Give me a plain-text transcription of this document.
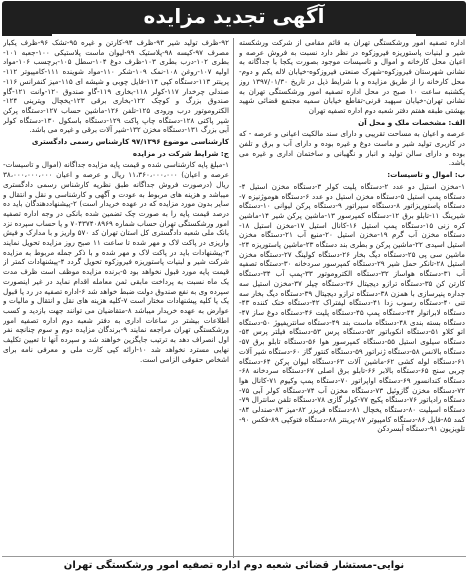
آگهی تجدید مزایده

اداره تصفیه امور ورشکستگی تهران به قائم مقامی از شرکت ورشکسته شیر و لبنیات پاستوریزه فیروزکوه در نظر دارد نسبت به فروش عرصه و اعیان محل کارخانه و اموال و تاسیسات موجود بصورت یکجا با جداگانه به نشانی شهرستان فیروزکوه-شهرک صنعتی فیروزکوه-خیابان لاله یکم و دوم-محل کارخانه را از طریق مزایده و با شرایط ذیل در تاریخ ۱۳۹۷/۰۱/۳۰ روز یکشنبه ساعت ۱۰ صبح در محل اداره تصفیه امور ورشکستگی تهران به نشانی تهران-خیابان سپهبد قرنی-تقاطع خیابان سمیه مجتمع قضائی شهید بهشتی طبقه هفتم دفتر شعبه دوم اداره تصفیه تهران

الف: مشخصات ملک و محل آن

عرصه و اعیان به مساحت تقریبی و دارای سند مالکیت اعیانی و عرصه - که در کاربری تولید شیر و ماست دوغ و غیره بوده و دارای آب و برق و تلفن بوده و دارای سالن تولید و انبار و نگهبانی و ساختمان اداری و غیره می باشد.

ب: اموال و تاسیسات:

۱-مخزن استیل دو عدد ۲-دستگاه پلیت کولر ۳-دستگاه مخزن استیل ۴-دستگاه پمپ استیل ۵-دستگاه مخزن استیل دو عدد ۶-دستگاه هوموژنیزه ۷-دستگاه پاستوریزاتور ۸-دستگاه سپراتور ۹-دستگاه پرکن لیوانی ۱۰-دستگاه شیرینگ ۱۱-تابلو برق ۱۲-دستگاه کمپرسور ۱۳-ماشین پرکن شیر ۱۴-ماشین کره زنی ۱۵-دستگاه پمپ استیل ۱۶-کانال استیل ۱۷-مخزن استیل ۱۸-دستگاه مخزن آب گرم ۱۹-مخزن استیل ۲۰-منبع آب ۲۱-دستگاه مخزن استیل اسیدی ۲۲-ماشین پرکن و بطری بند دستگاه ۲۳-ماشین پاستوریزه ۲۴-ماشین سی پی ۲۵-دستگاه دیگ بخار ۲۶-دستگاه کولینگ ۲۷-دستگاه مخزن استیل ۲۸-تانکر حمل شیر ۲۹-دستگاه کمپرسور سردخانه ۳۰-دستگاه تصفیه آب ۳۱-دستگاه هواساز ۳۲-دستگاه الکتروموتور ۳۳-پمپ آب ۳۴-دستگاه کارتن کن ۳۵-دستگاه ترازو دیجیتال ۳۶-دستگاه چیلر ۳۷-مخزن استیل سه جداره پنیرسازی با همزن ۳۸-دستگاه ترازو دیجیتال ۳۹-دستگاه دیگ بخار سه تنی ۴۰-دستگاه رسوب زدا ۴۱-دستگاه لیفتراک ۴۲-دستگاه خنک کننده ۴۳-دستگاه لابراتوار ۴۴-دستگاه پمپ ۴۵-دستگاه پلیت ۴۶-دستگاه دوغ ساز ۴۷-دستگاه بسته بندی ۴۸-دستگاه ماست بند ۴۹-دستگاه سانتریفیوژ ۵۰-دستگاه اتو کلاو ۵۱-دستگاه انکوباتور ۵۲-دستگاه پرس ۵۳-دستگاه فیلتر پرس ۵۴-دستگاه سیلوی استیل ۵۵-دستگاه کمپرسور هوا ۵۶-دستگاه تابلو برق ۵۷-دستگاه بالانس ۵۸-دستگاه ژنراتور ۵۹-دستگاه کنتور گاز ۶۰-دستگاه شیر آلات ۶۱-دستگاه لوله کشی ۶۲-ماشین آلات ۶۳-دستگاه لیوان پرکن ۶۴-دستگاه چربی سنج ۶۵-دستگاه بالابر ۶۶-تابلو برق اصلی ۶۷-دستگاه سردخانه ۶۸-دستگاه کندانسور ۶۹-دستگاه اواپراتور ۷۰-دستگاه پمپ وکیوم ۷۱-کانال هوا ۷۲-دستگاه مخزن گازوئیل ۷۳-دستگاه مخزن آب ۷۴-دستگاه کولر آبی ۷۵-دستگاه رادیاتور ۷۶-دستگاه پکیج ۷۷-کولر گازی ۷۸-دستگاه تلفن سانترال ۷۹-دستگاه اسپلیت ۸۰-دستگاه یخچال ۸۱-دستگاه فریزر ۸۲-میز ۸۳-صندلی ۸۴-کمد ۸۵-فایل ۸۶-دستگاه کامپیوتر ۸۷-پرینتر ۸۸-دستگاه فتوکپی ۸۹-فکس ۹۰-تلویزیون ۹۱-دستگاه آبسردکن

۹۲-ظرف تولید شیر ۹۳-ظرف ۹۴-کارتن و غیره ۹۵-تشک ۹۶-ظرف یکبار مصرف ۹۷-کیسه ۹۸-پلاستیک ۹۹-لیوان ماست پلاستیکی ۱۰۰-جعبه ۱۰۱-بطری ۱۰۲-درب بطری ۱۰۳-ظرف دوغ ۱۰۴-سطل ۱۰۵-برچسب ۱۰۶-مواد اولیه ۱۰۷-روغن ۱۰۸-نمک ۱۰۹-شکر ۱۱۰-مواد شوینده ۱۱۱-کامپیوتر ۱۱۲-پرینتر ۱۱۳-دستگاه کپی ۱۱۴-فایل چوبی و شیشه ای ۱۱۵-میز کنفرانس ۱۱۶-صندلی چرخدار ۱۱۷-کولر ۱۱۸-بخاری ۱۱۹-گاو صندوق ۱۲۰-وانت ۱۲۱-گاو صندوق بزرگ و کوچک ۱۲۲-بخاری برقی ۱۲۳-یخچال ویترینی ۱۲۴-الکتروموتور درب ورودی ۱۲۵-تلفن ۱۲۶-ماشین حساب ۱۲۷-دستگاه پرکن شیر پاکتی ۱۲۸-دستگاه چاپ پاکت ۱۲۹-دستگاه باسکول ۱۳۰-دستگاه کولر آبی بزرگ ۱۳۱-دستگاه مخزن ۱۳۲-شیر آلات برقی و غیره می باشد.

کارشناسی موضوع ۹۷/۱۳۹۶ کارشناس رسمی دادگستری

ج: شرایط شرکت در مزایده

۱-مبلغ پایه کارشناسی شده و قیمت پایه مزایده جداگانه (اموال و تاسیسات-عرصه و اعیان) ۱۱،۳۶۰،۰۰۰،۰۰۰ ریال و عرصه و اعیان ۳۸،۰۰۰،۰۰۰،۰۰۰ ریال (درصورت فروش جداگانه طبق نظریه کارشناس رسمی دادگستری میباشد و هزینه های مربوط به عودت و آگهی و کارشناسی و نقل و انتقال و سایر بدون مورد مزایده که در عهده خریدار است) ۲-پیشنهاددهندگان باید ده درصد قیمت پایه را به صورت چک تضمین شده بانکی در وجه اداره تصفیه امور ورشکستگی تهران حساب شماره ۷۰۴۳۷۴۰۸۹۶۹ و یا حساب سپرده نزد بانک ملی شعبه دادگستری کل استان تهران کد ۵۷۰ واریز و با مدارک و فیش واریزی در پاکت لاک و مهر شده تا ساعت ۱۱ صبح روز مزایده تحویل نمایند ۳-پیشنهادات باید در پاکت لاک و مهر شده و با ذکر جمله مربوط به مزایده شرکت شیر و لبنیات پاستوریزه فیروزکوه تحویل گردد ۴-پیشنهادات کمتر از قیمت پایه مورد قبول نخواهد بود ۵-برنده مزایده موظف است ظرف مدت یک ماه نسبت به پرداخت مابقی ثمن معامله اقدام نماید در غیر اینصورت سپرده وی به نفع صندوق دولت ضبط خواهد شد ۶-اداره تصفیه در رد یا قبول یک یا کلیه پیشنهادات مختار است ۷-کلیه هزینه های نقل و انتقال و مالیات و عوارض به عهده خریدار میباشد ۸-متقاضیان می توانند جهت بازدید و کسب اطلاعات بیشتر در ساعات اداری به دفتر شعبه دوم اداره تصفیه امور ورشکستگی تهران مراجعه نمایند ۹-برندگان مزایده دوم و سوم چنانچه نفر اول انصراف دهد به ترتیب جایگزین خواهند شد و سپرده آنها تا تعیین تکلیف نهایی مسترد نخواهد شد ۱۰-ارائه کپی کارت ملی و معرفی نامه برای اشخاص حقوقی الزامی است.

نوایی-مستشار قضائی شعبه دوم اداره تصفیه امور ورشکستگی تهران
